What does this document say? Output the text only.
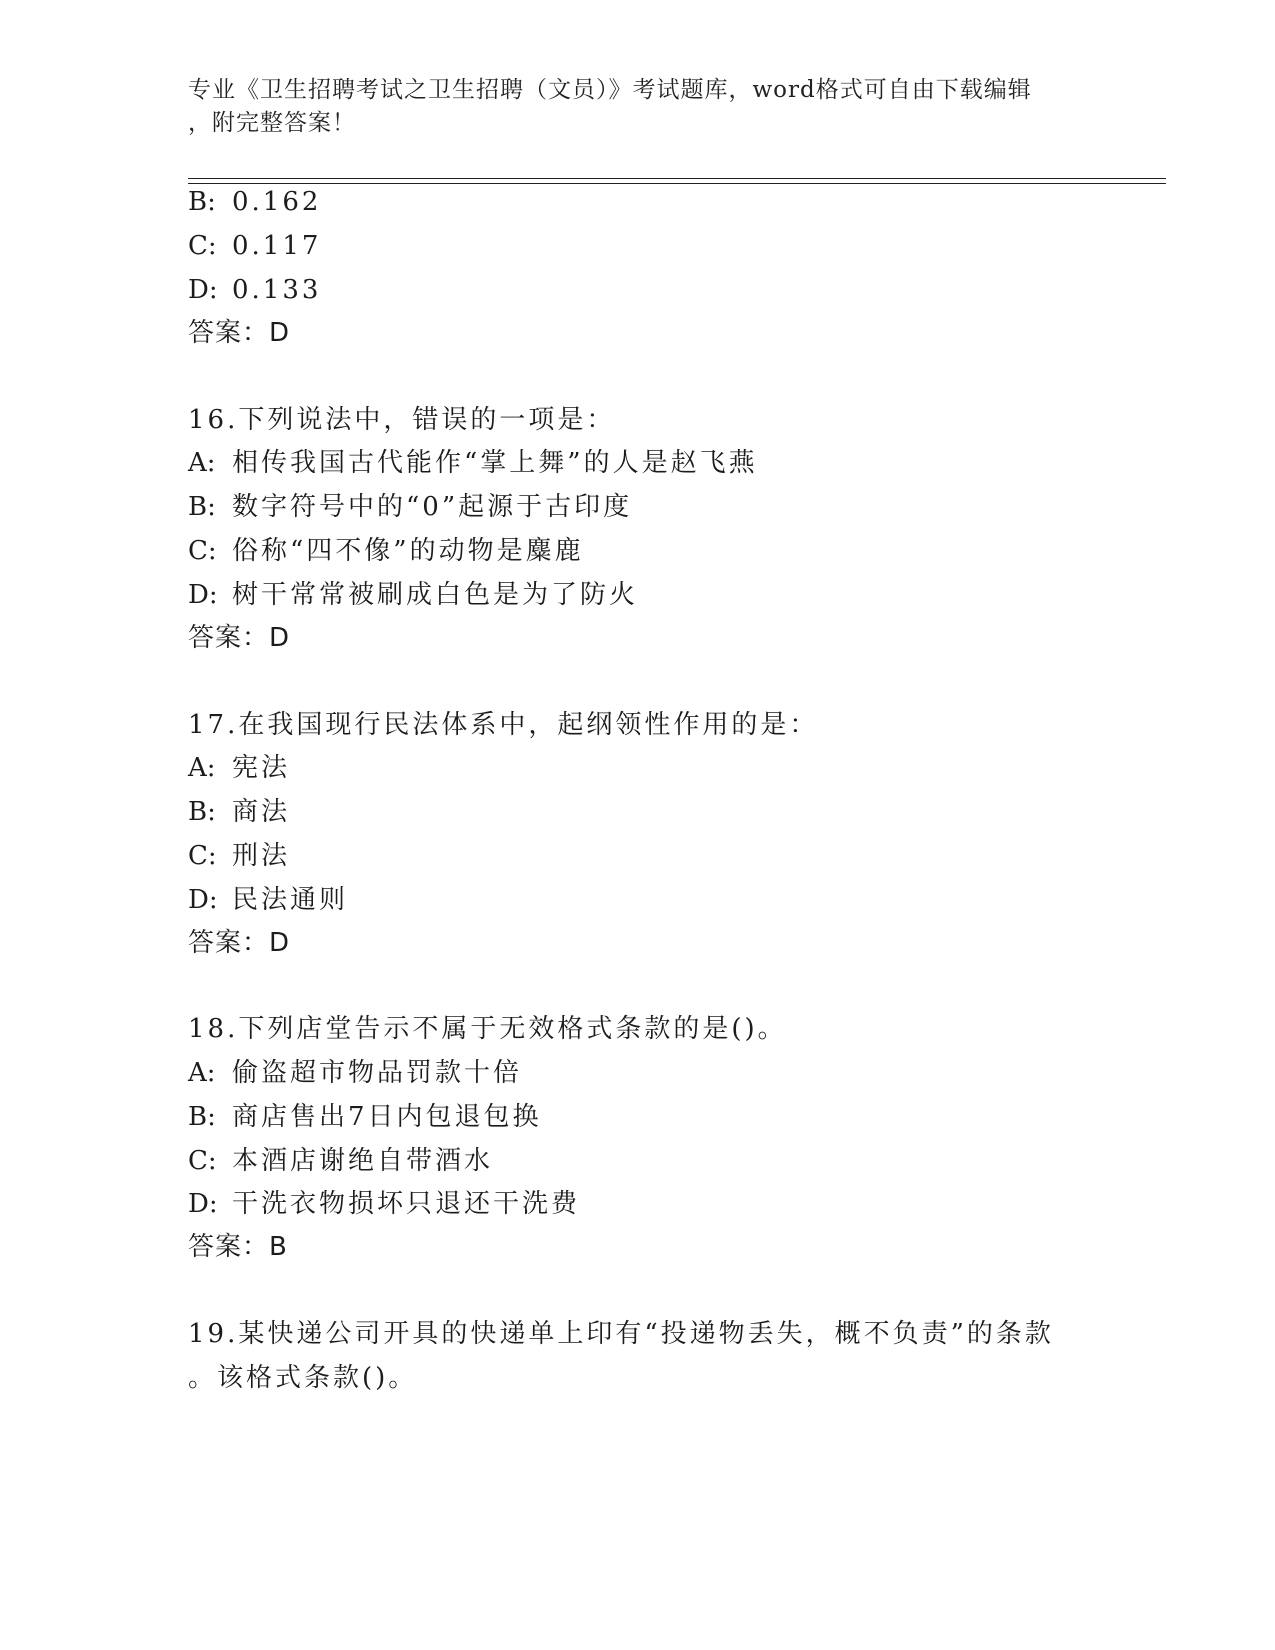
专业《卫生招聘考试之卫生招聘（文员）》考试题库，word格式可自由下载编辑
，附完整答案！
B: 0.162
C: 0.117
D: 0.133
答案：D
16.下列说法中，错误的一项是：
A: 相传我国古代能作“掌上舞”的人是赵飞燕
B: 数字符号中的“0”起源于古印度
C: 俗称“四不像”的动物是麋鹿
D: 树干常常被刷成白色是为了防火
答案：D
17.在我国现行民法体系中，起纲领性作用的是：
A: 宪法
B: 商法
C: 刑法
D: 民法通则
答案：D
18.下列店堂告示不属于无效格式条款的是()。
A: 偷盗超市物品罚款十倍
B: 商店售出7日内包退包换
C: 本酒店谢绝自带酒水
D: 干洗衣物损坏只退还干洗费
答案：B
19.某快递公司开具的快递单上印有“投递物丢失，概不负责”的条款
。该格式条款()。
